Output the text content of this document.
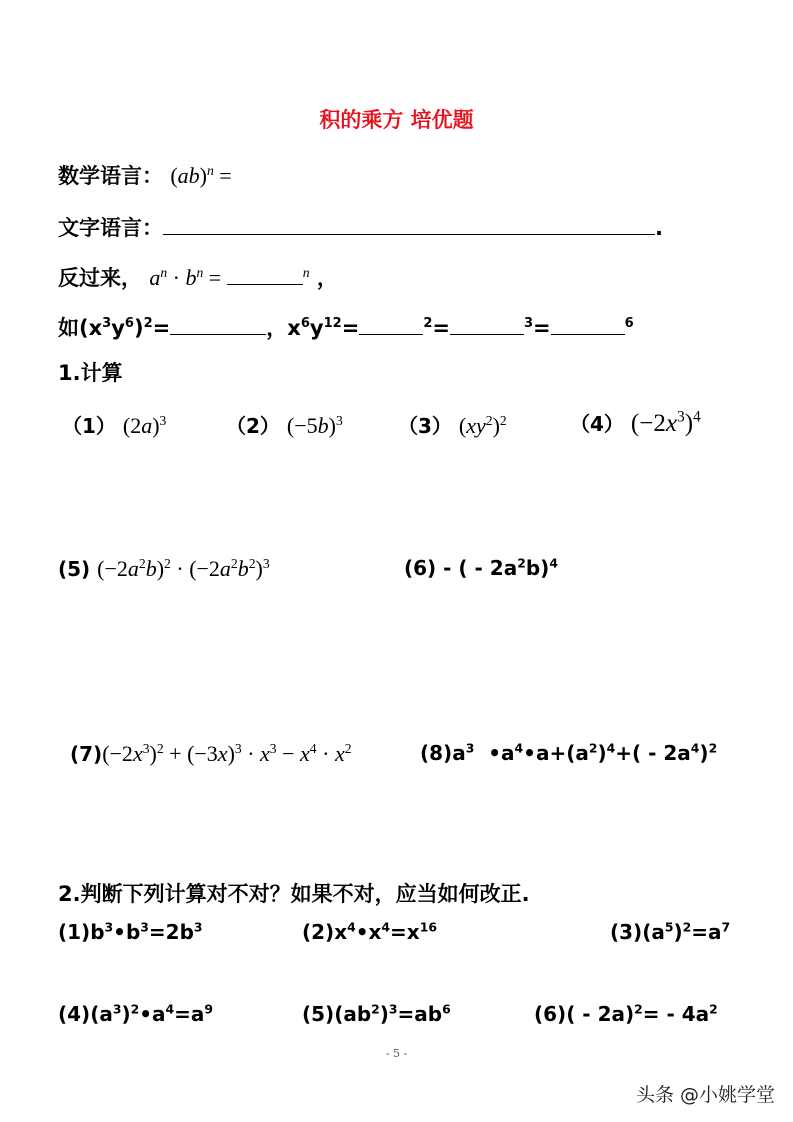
积的乘方 培优题
数学语言： (ab)$^n$ =
文字语言：	.
反过来， $a^n \cdot b^n$ =	$^n$ ，
如$(x^3y^6)^2=$	，$x^6y^{12}=$	$^2$=	$^3$=	$^6$
1.计算
（1） $(2a)^3$	（2） $(-5b)^3$	（3） $(xy^2)^2$	（4） $(-2x^3)^4$
(5) $(-2a^2b)^2 \cdot (-2a^2b^2)^3$	(6) - ( - $2a^2b)^4$
$(7)(-2x^3)^2 + (-3x)^3 \cdot x^3 - x^4 \cdot x^2$	$(8)a^3$  $•a^4•a+(a^2)^4+( - 2a^4)^2$
2.判断下列计算对不对？如果不对，应当如何改正.
$(1)b^3•b^3=2b^3$	$(2)x^4•x^4=x^{16}$	$(3)(a^5)^2=a^7$
$(4)(a^3)^2•a^4=a^9$	$(5)(ab^2)^3=ab^6$	$(6)( - 2a)^2= - 4a^2$
- 5 -
头条 @小姚学堂
